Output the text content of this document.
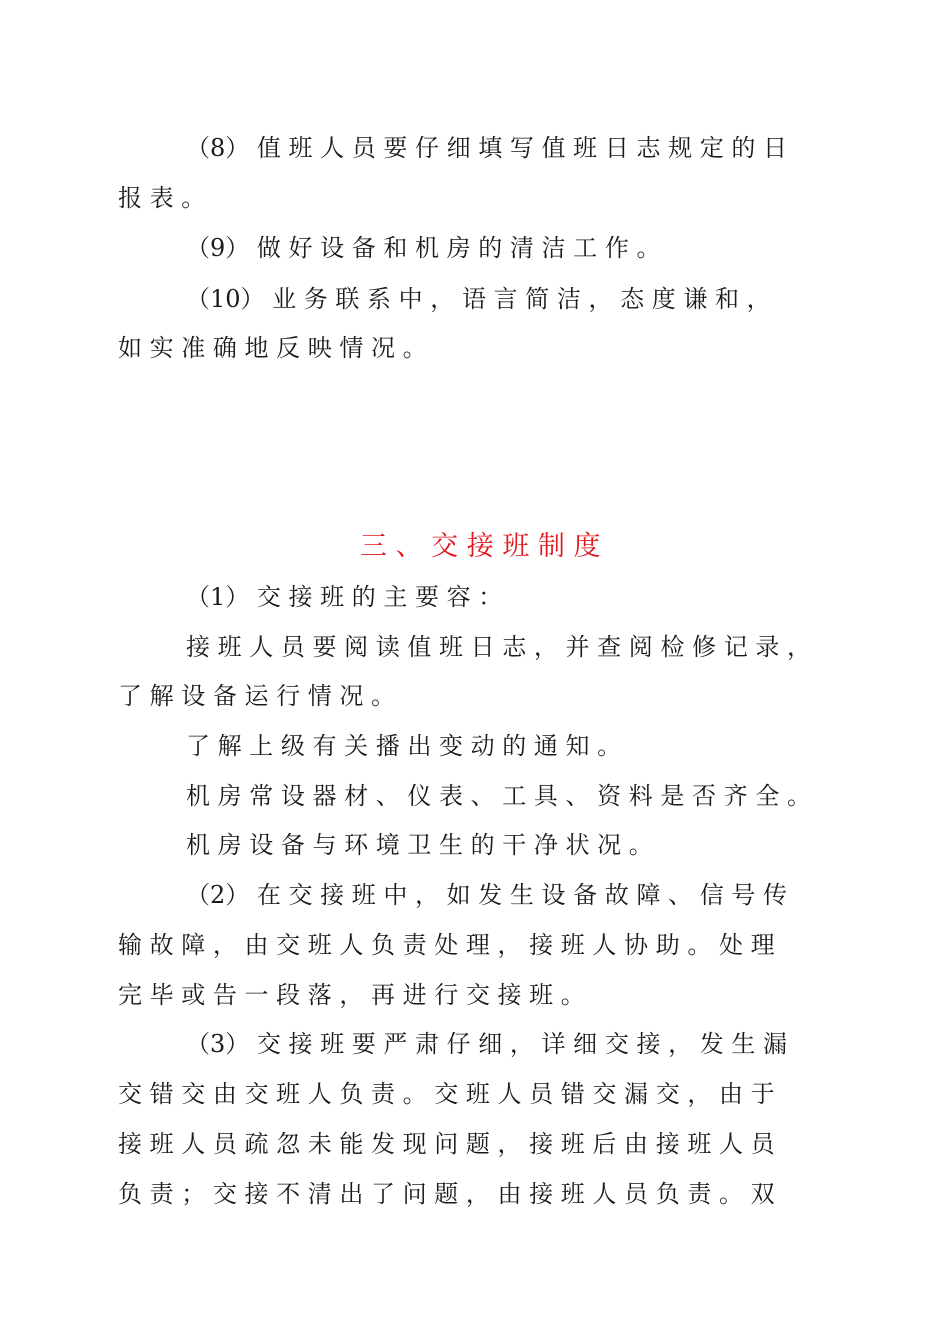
（8） 值 班 人 员 要 仔 细 填 写 值 班 日 志 规 定 的 日
报 表 。
（9） 做 好 设 备 和 机 房 的 清 洁 工 作 。
（10） 业 务 联 系 中 ， 语 言 简 洁 ， 态 度 谦 和 ，
如 实 准 确 地 反 映 情 况 。
三 、 交 接 班 制 度
（1） 交 接 班 的 主 要 容 ：
接 班 人 员 要 阅 读 值 班 日 志 ， 并 查 阅 检 修 记 录 ，
了 解 设 备 运 行 情 况 。
了 解 上 级 有 关 播 出 变 动 的 通 知 。
机 房 常 设 器 材 、 仪 表 、 工 具 、 资 料 是 否 齐 全 。
机 房 设 备 与 环 境 卫 生 的 干 净 状 况 。
（2） 在 交 接 班 中 ， 如 发 生 设 备 故 障 、 信 号 传
输 故 障 ， 由 交 班 人 负 责 处 理 ， 接 班 人 协 助 。 处 理
完 毕 或 告 一 段 落 ， 再 进 行 交 接 班 。
（3） 交 接 班 要 严 肃 仔 细 ， 详 细 交 接 ， 发 生 漏
交 错 交 由 交 班 人 负 责 。 交 班 人 员 错 交 漏 交 ， 由 于
接 班 人 员 疏 忽 未 能 发 现 问 题 ， 接 班 后 由 接 班 人 员
负 责 ； 交 接 不 清 出 了 问 题 ， 由 接 班 人 员 负 责 。 双
